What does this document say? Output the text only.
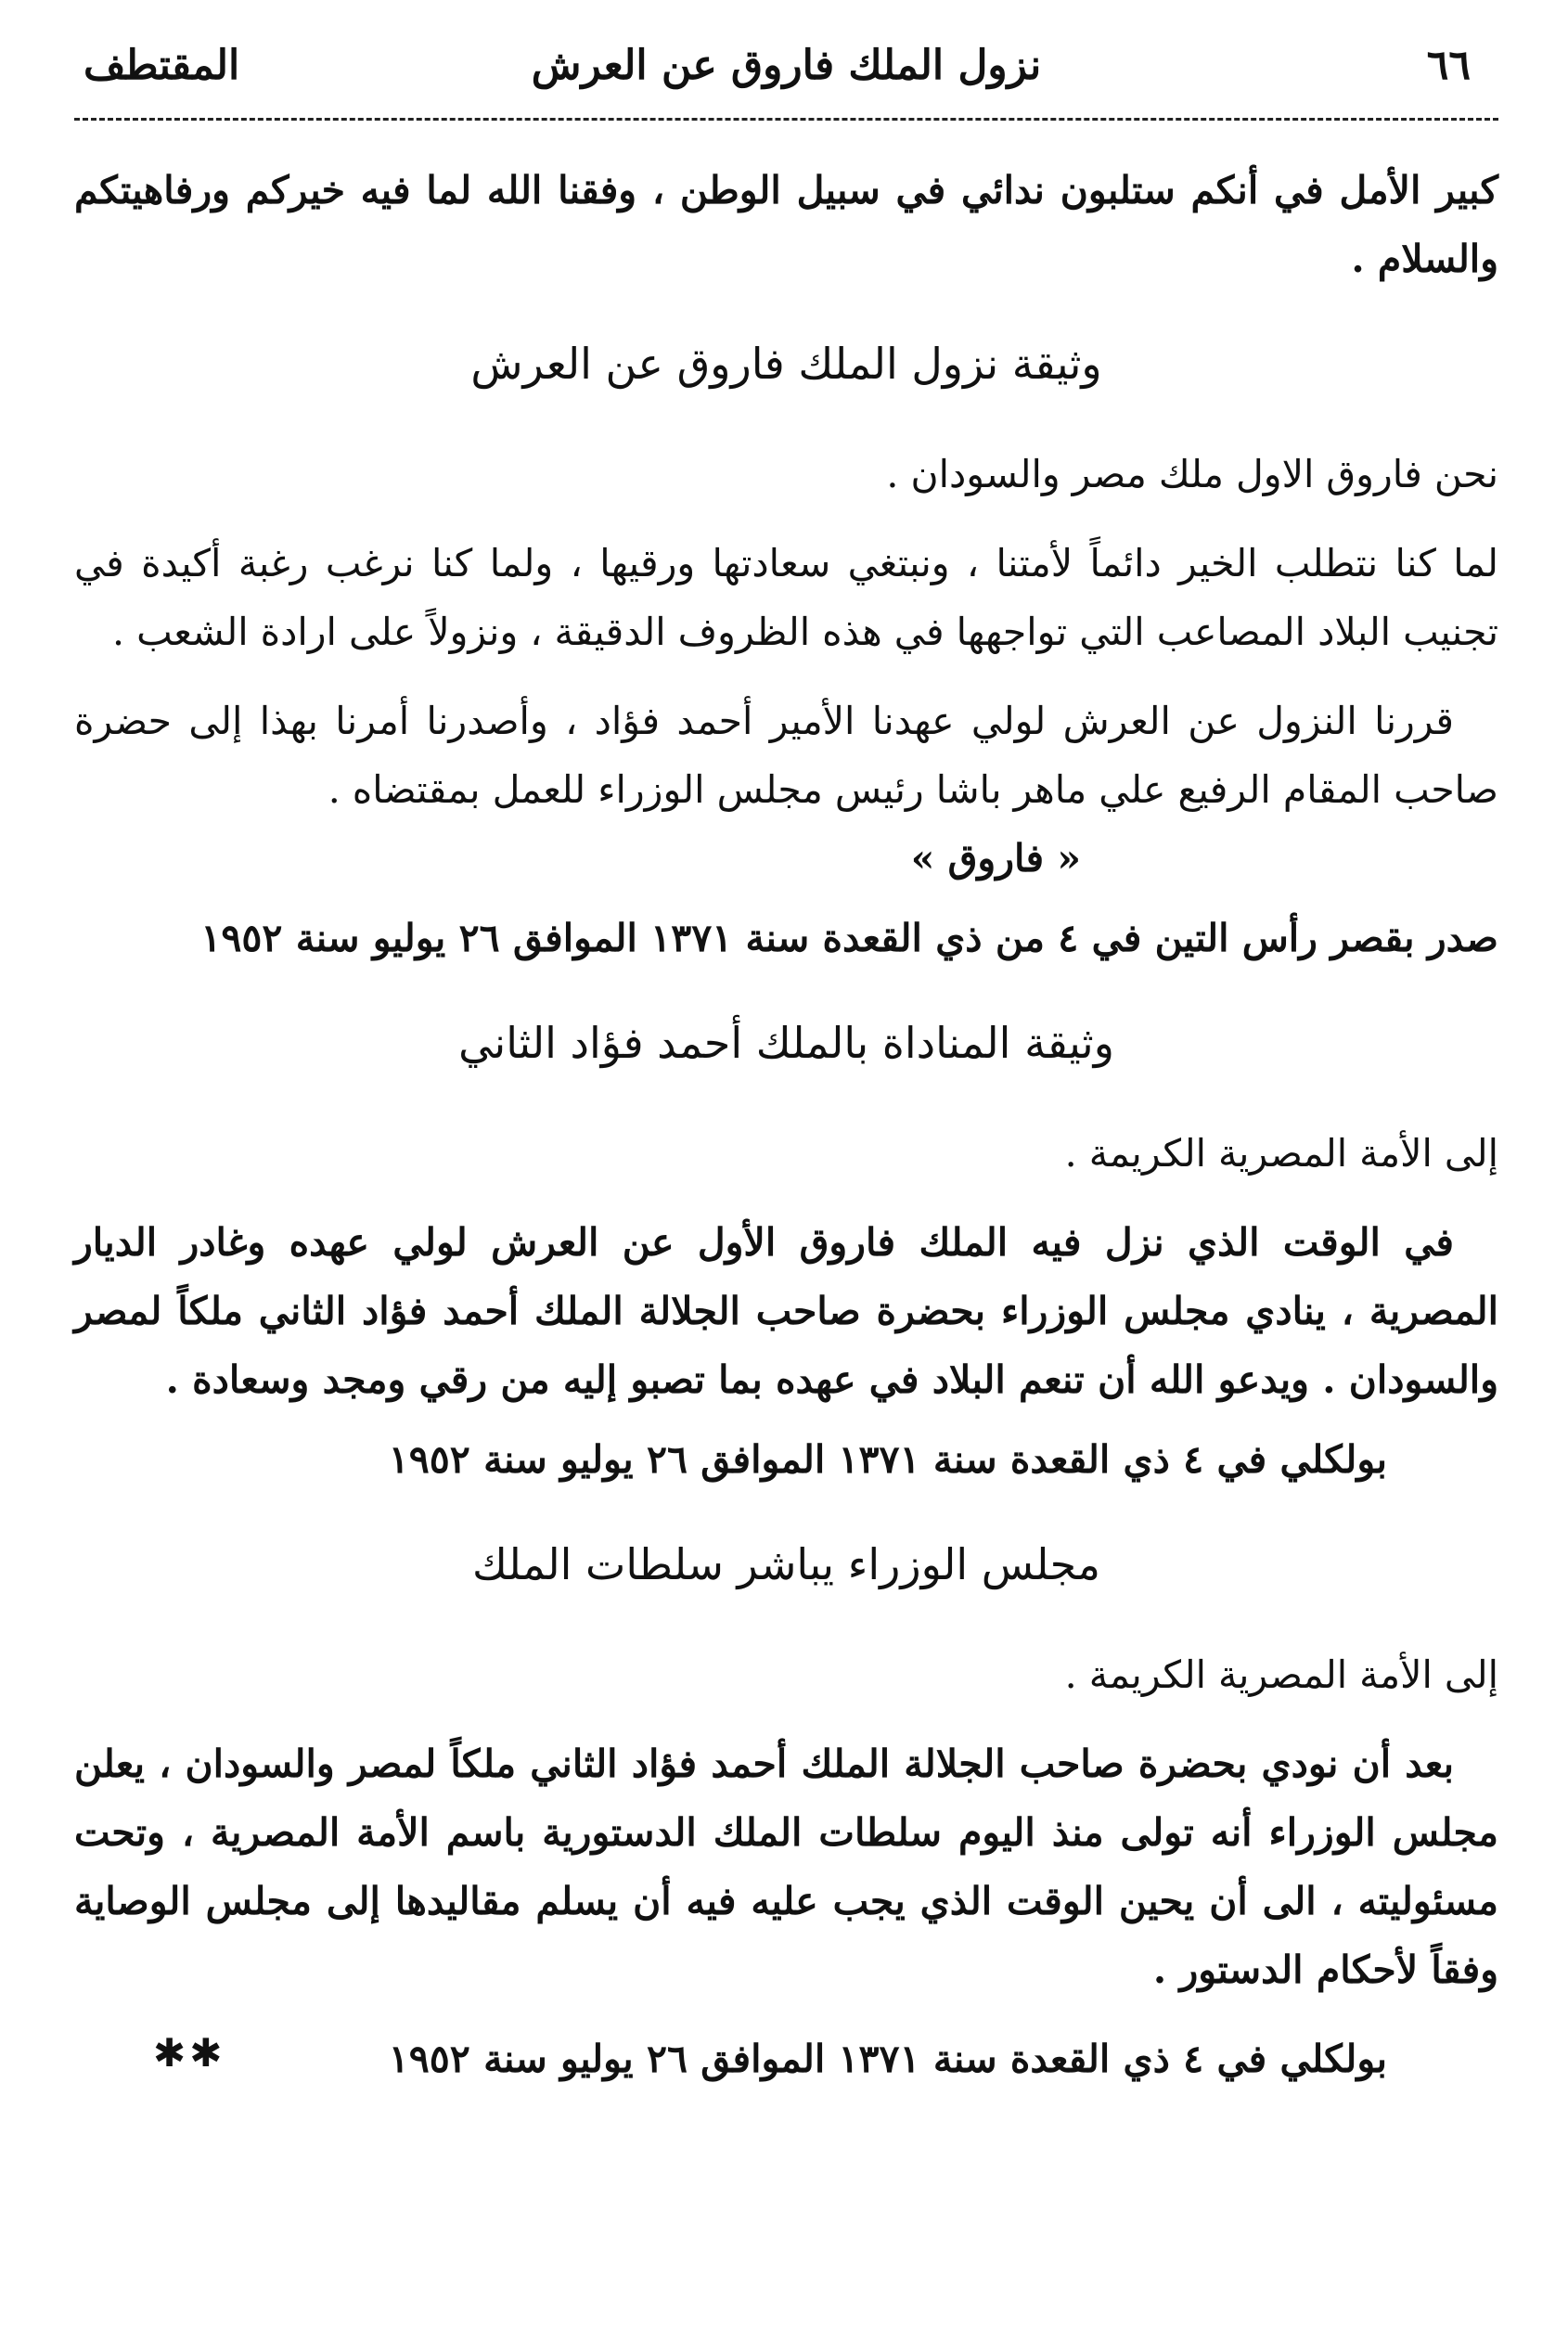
٦٦
نزول الملك فاروق عن العرش
المقتطف

كبير الأمل في أنكم ستلبون ندائي في سبيل الوطن ، وفقنا الله لما فيه خيركم ورفاهيتكم والسلام .

وثيقة نزول الملك فاروق عن العرش

نحن فاروق الاول ملك مصر والسودان .

لما كنا نتطلب الخير دائماً لأمتنا ، ونبتغي سعادتها ورقيها ، ولما كنا نرغب رغبة أكيدة في تجنيب البلاد المصاعب التي تواجهها في هذه الظروف الدقيقة ، ونزولاً على ارادة الشعب .

قررنا النزول عن العرش لولي عهدنا الأمير أحمد فؤاد ، وأصدرنا أمرنا بهذا إلى حضرة صاحب المقام الرفيع علي ماهر باشا رئيس مجلس الوزراء للعمل بمقتضاه .

« فاروق »
صدر بقصر رأس التين في ٤ من ذي القعدة سنة ١٣٧١ الموافق ٢٦ يوليو سنة ١٩٥٢
وثيقة المناداة بالملك أحمد فؤاد الثاني

إلى الأمة المصرية الكريمة .

في الوقت الذي نزل فيه الملك فاروق الأول عن العرش لولي عهده وغادر الديار المصرية ، ينادي مجلس الوزراء بحضرة صاحب الجلالة الملك أحمد فؤاد الثاني ملكاً لمصر والسودان . ويدعو الله أن تنعم البلاد في عهده بما تصبو إليه من رقي ومجد وسعادة .

بولكلي في ٤ ذي القعدة سنة ١٣٧١ الموافق ٢٦ يوليو سنة ١٩٥٢
مجلس الوزراء يباشر سلطات الملك

إلى الأمة المصرية الكريمة .

بعد أن نودي بحضرة صاحب الجلالة الملك أحمد فؤاد الثاني ملكاً لمصر والسودان ، يعلن مجلس الوزراء أنه تولى منذ اليوم سلطات الملك الدستورية باسم الأمة المصرية ، وتحت مسئوليته ، الى أن يحين الوقت الذي يجب عليه فيه أن يسلم مقاليدها إلى مجلس الوصاية وفقاً لأحكام الدستور .

بولكلي في ٤ ذي القعدة سنة ١٣٧١ الموافق ٢٦ يوليو سنة ١٩٥٢
✱✱
